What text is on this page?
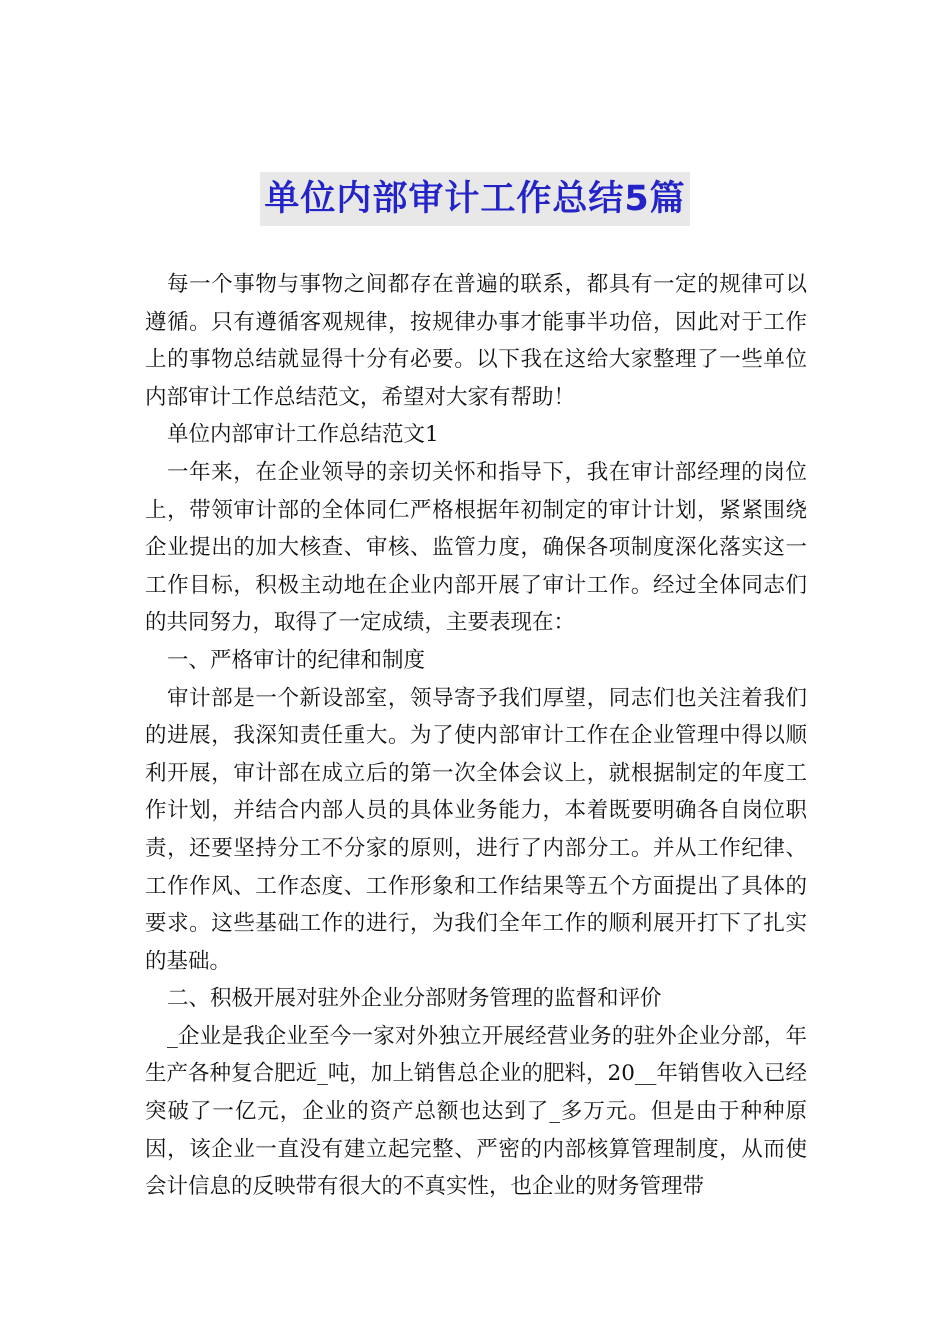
单位内部审计工作总结5篇

每一个事物与事物之间都存在普遍的联系，都具有一定的规律可以遵循。只有遵循客观规律，按规律办事才能事半功倍，因此对于工作上的事物总结就显得十分有必要。以下我在这给大家整理了一些单位内部审计工作总结范文，希望对大家有帮助！

单位内部审计工作总结范文1

一年来，在企业领导的亲切关怀和指导下，我在审计部经理的岗位上，带领审计部的全体同仁严格根据年初制定的审计计划，紧紧围绕企业提出的加大核查、审核、监管力度，确保各项制度深化落实这一工作目标，积极主动地在企业内部开展了审计工作。经过全体同志们的共同努力，取得了一定成绩，主要表现在：

一、严格审计的纪律和制度

审计部是一个新设部室，领导寄予我们厚望，同志们也关注着我们的进展，我深知责任重大。为了使内部审计工作在企业管理中得以顺利开展，审计部在成立后的第一次全体会议上，就根据制定的年度工作计划，并结合内部人员的具体业务能力，本着既要明确各自岗位职责，还要坚持分工不分家的原则，进行了内部分工。并从工作纪律、工作作风、工作态度、工作形象和工作结果等五个方面提出了具体的要求。这些基础工作的进行，为我们全年工作的顺利展开打下了扎实的基础。

二、积极开展对驻外企业分部财务管理的监督和评价

_企业是我企业至今一家对外独立开展经营业务的驻外企业分部，年生产各种复合肥近_吨，加上销售总企业的肥料，20__年销售收入已经突破了一亿元，企业的资产总额也达到了_多万元。但是由于种种原因，该企业一直没有建立起完整、严密的内部核算管理制度，从而使会计信息的反映带有很大的不真实性，也企业的财务管理带
